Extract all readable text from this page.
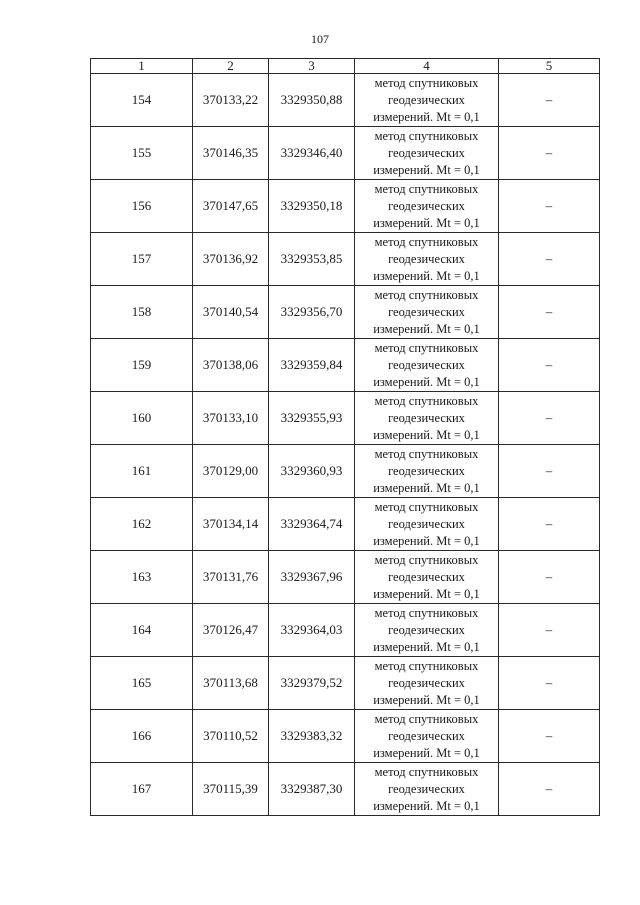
107
1	2	3	4	5
154	370133,22	3329350,88	метод спутниковых
геодезических
измерений. Mt = 0,1	–
155	370146,35	3329346,40	метод спутниковых
геодезических
измерений. Mt = 0,1	–
156	370147,65	3329350,18	метод спутниковых
геодезических
измерений. Mt = 0,1	–
157	370136,92	3329353,85	метод спутниковых
геодезических
измерений. Mt = 0,1	–
158	370140,54	3329356,70	метод спутниковых
геодезических
измерений. Mt = 0,1	–
159	370138,06	3329359,84	метод спутниковых
геодезических
измерений. Mt = 0,1	–
160	370133,10	3329355,93	метод спутниковых
геодезических
измерений. Mt = 0,1	–
161	370129,00	3329360,93	метод спутниковых
геодезических
измерений. Mt = 0,1	–
162	370134,14	3329364,74	метод спутниковых
геодезических
измерений. Mt = 0,1	–
163	370131,76	3329367,96	метод спутниковых
геодезических
измерений. Mt = 0,1	–
164	370126,47	3329364,03	метод спутниковых
геодезических
измерений. Mt = 0,1	–
165	370113,68	3329379,52	метод спутниковых
геодезических
измерений. Mt = 0,1	–
166	370110,52	3329383,32	метод спутниковых
геодезических
измерений. Mt = 0,1	–
167	370115,39	3329387,30	метод спутниковых
геодезических
измерений. Mt = 0,1	–
